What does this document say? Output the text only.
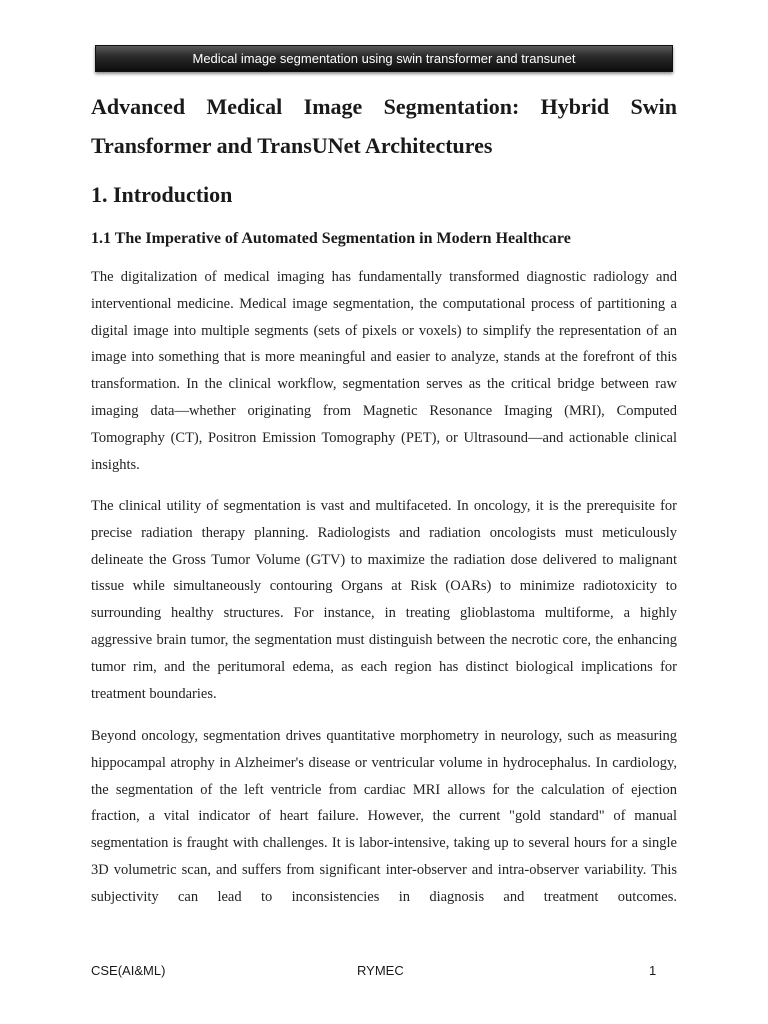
Medical image segmentation using swin transformer and transunet
Advanced Medical Image Segmentation: Hybrid Swin Transformer and TransUNet Architectures
1. Introduction
1.1 The Imperative of Automated Segmentation in Modern Healthcare

The digitalization of medical imaging has fundamentally transformed diagnostic radiology and interventional medicine. Medical image segmentation, the computational process of partitioning a digital image into multiple segments (sets of pixels or voxels) to simplify the representation of an image into something that is more meaningful and easier to analyze, stands at the forefront of this transformation. In the clinical workflow, segmentation serves as the critical bridge between raw imaging data—whether originating from Magnetic Resonance Imaging (MRI), Computed Tomography (CT), Positron Emission Tomography (PET), or Ultrasound—and actionable clinical insights.

The clinical utility of segmentation is vast and multifaceted. In oncology, it is the prerequisite for precise radiation therapy planning. Radiologists and radiation oncologists must meticulously delineate the Gross Tumor Volume (GTV) to maximize the radiation dose delivered to malignant tissue while simultaneously contouring Organs at Risk (OARs) to minimize radiotoxicity to surrounding healthy structures. For instance, in treating glioblastoma multiforme, a highly aggressive brain tumor, the segmentation must distinguish between the necrotic core, the enhancing tumor rim, and the peritumoral edema, as each region has distinct biological implications for treatment boundaries.

Beyond oncology, segmentation drives quantitative morphometry in neurology, such as measuring hippocampal atrophy in Alzheimer's disease or ventricular volume in hydrocephalus. In cardiology, the segmentation of the left ventricle from cardiac MRI allows for the calculation of ejection fraction, a vital indicator of heart failure. However, the current "gold standard" of manual segmentation is fraught with challenges. It is labor-intensive, taking up to several hours for a single 3D volumetric scan, and suffers from significant inter-observer and intra-observer variability. This subjectivity can lead to inconsistencies in diagnosis and treatment outcomes.

CSE(AI&ML)	RYMEC	1
